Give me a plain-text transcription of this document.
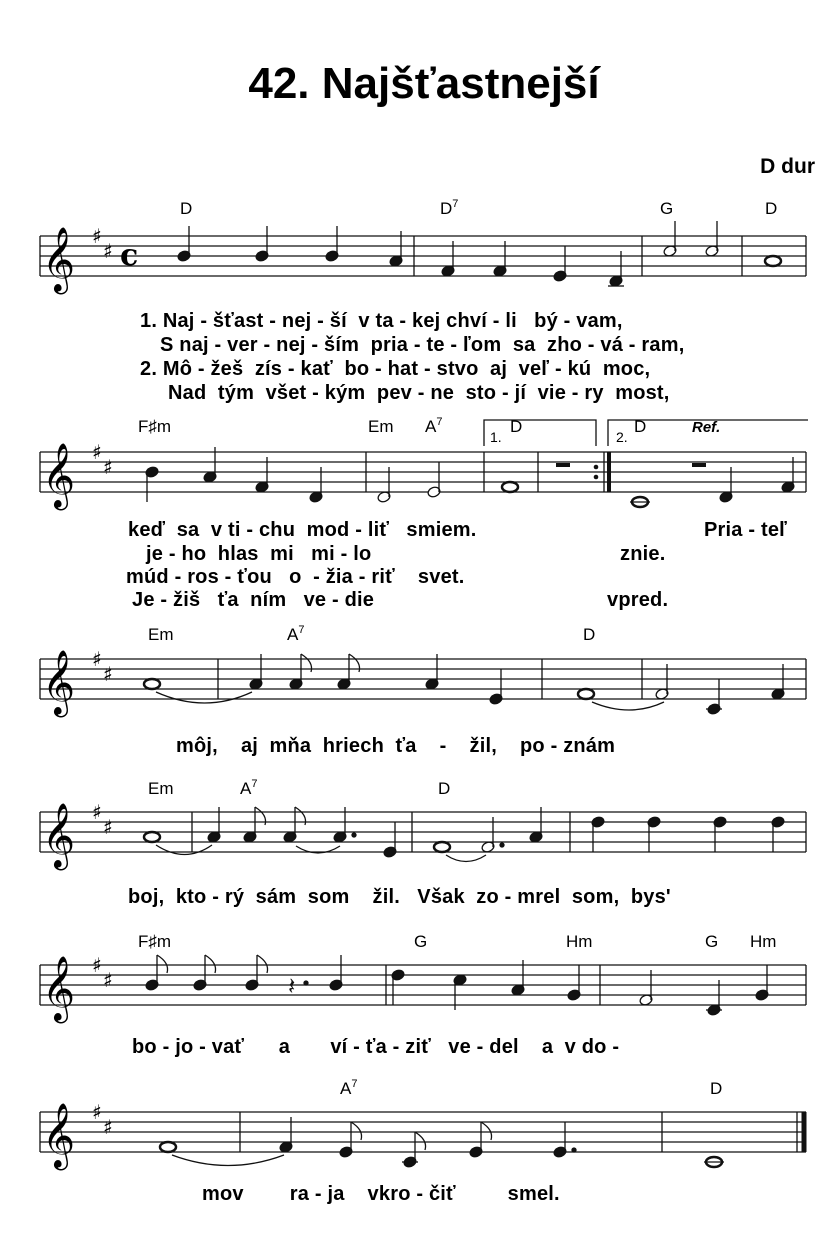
42. Najšťastnejší
D dur
D	$D^7$	G	D
𝄞 ♯
♯ c
1. Naj - šťast - nej - ší  v ta - kej chví - li   bý - vam,
S naj - ver - nej - ším  pria - te - ľom  sa  zho - vá - ram,
2. Mô - žeš  zís - kať  bo - hat - stvo  aj  veľ - kú  moc,
Nad  tým  všet - kým  pev - ne  sto - jí  vie - ry  most,
F♯m	Em $A^7$	D	D	Ref.
1.	2.
𝄞 ♯
♯
keď  sa  v ti - chu  mod - liť   smiem.
je - ho  hlas  mi   mi - lo
múd - ros - ťou   o  - žia - riť    svet.
Je - žiš   ťa  ním   ve - die
Pria - teľ
znie.
vpred.
Em	$A^7$	D
𝄞 ♯
♯
môj,    aj  mňa  hriech  ťa    -    žil,    po - znám
Em	$A^7$	D
𝄞 ♯
♯
boj,  kto - rý  sám  som    žil.   Však  zo - mrel  som,  bys'
F♯m	G	Hm	G Hm
𝄞 ♯
♯	𝄽
bo - jo - vať      a       ví - ťa - ziť   ve - del    a  v do -
$A^7$	D
𝄞 ♯
♯
mov        ra - ja    vkro - čiť         smel.
